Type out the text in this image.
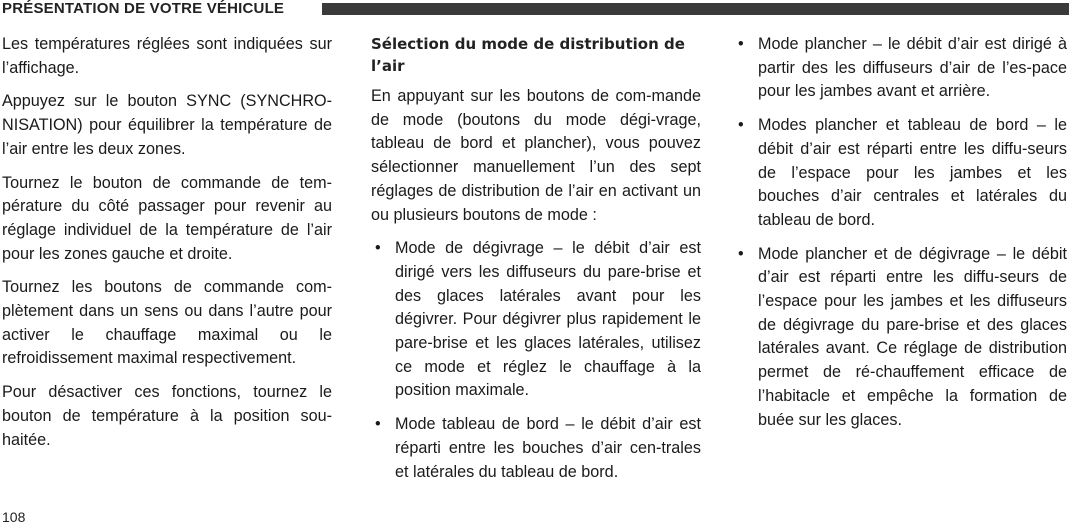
PRÉSENTATION DE VOTRE VÉHICULE

Les températures réglées sont indiquées sur l’affichage.

Appuyez sur le bouton SYNC (SYNCHRO-NISATION) pour équilibrer la température de l’air entre les deux zones.

Tournez le bouton de commande de tem-pérature du côté passager pour revenir au réglage individuel de la température de l’air pour les zones gauche et droite.

Tournez les boutons de commande com-plètement dans un sens ou dans l’autre pour activer le chauffage maximal ou le refroidissement maximal respectivement.

Pour désactiver ces fonctions, tournez le bouton de température à la position sou-haitée.

Sélection du mode de distribution de l’air

En appuyant sur les boutons de com-mande de mode (boutons du mode dégi-vrage, tableau de bord et plancher), vous pouvez sélectionner manuellement l’un des sept réglages de distribution de l’air en activant un ou plusieurs boutons de mode :

• Mode de dégivrage – le débit d’air est dirigé vers les diffuseurs du pare-brise et des glaces latérales avant pour les dégivrer. Pour dégivrer plus rapidement le pare-brise et les glaces latérales, utilisez ce mode et réglez le chauffage à la position maximale.
• Mode tableau de bord – le débit d’air est réparti entre les bouches d’air cen-trales et latérales du tableau de bord.
• Mode plancher – le débit d’air est dirigé à partir des les diffuseurs d’air de l’es-pace pour les jambes avant et arrière.
• Modes plancher et tableau de bord – le débit d’air est réparti entre les diffu-seurs de l’espace pour les jambes et les bouches d’air centrales et latérales du tableau de bord.
• Mode plancher et de dégivrage – le débit d’air est réparti entre les diffu-seurs de l’espace pour les jambes et les diffuseurs de dégivrage du pare-brise et des glaces latérales avant. Ce réglage de distribution permet de ré-chauffement efficace de l’habitacle et empêche la formation de buée sur les glaces.
108
